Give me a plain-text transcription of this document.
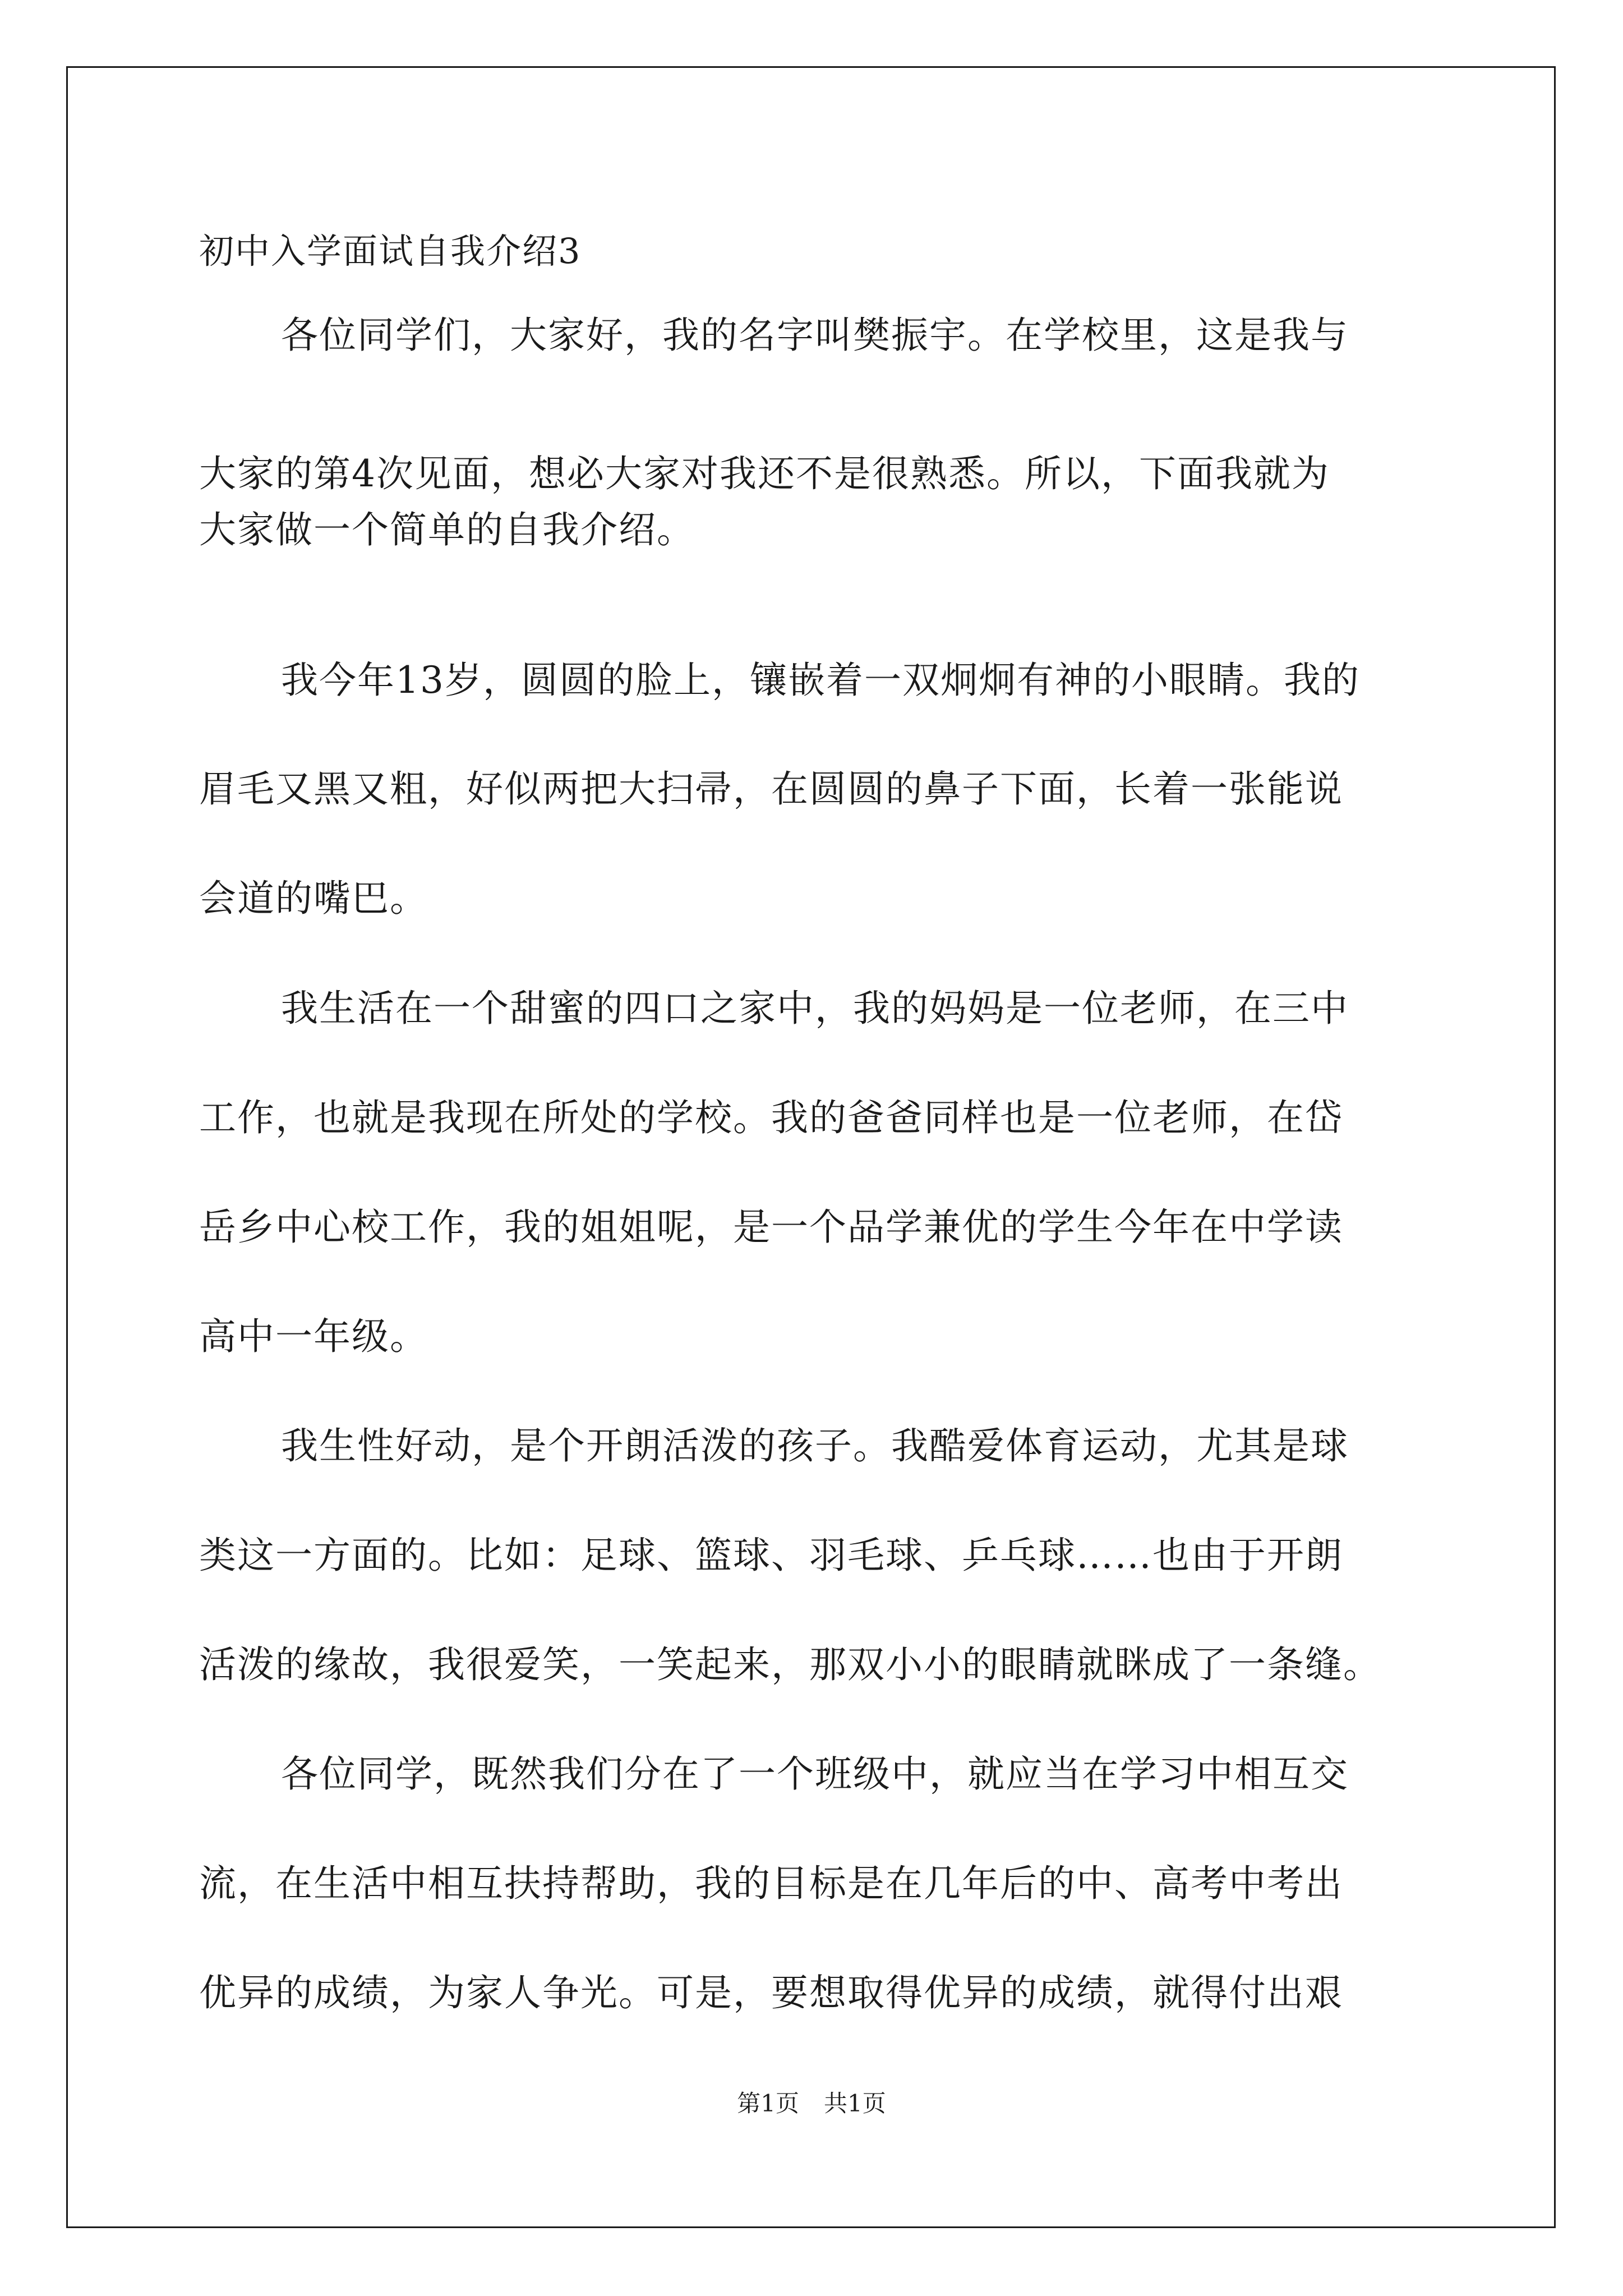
初中入学面试自我介绍3
各位同学们，大家好，我的名字叫樊振宇。在学校里，这是我与
大家的第4次见面，想必大家对我还不是很熟悉。所以，下面我就为
大家做一个简单的自我介绍。
我今年13岁，圆圆的脸上，镶嵌着一双炯炯有神的小眼睛。我的
眉毛又黑又粗，好似两把大扫帚，在圆圆的鼻子下面，长着一张能说
会道的嘴巴。
我生活在一个甜蜜的四口之家中，我的妈妈是一位老师，在三中
工作，也就是我现在所处的学校。我的爸爸同样也是一位老师，在岱
岳乡中心校工作，我的姐姐呢，是一个品学兼优的学生今年在中学读
高中一年级。
我生性好动，是个开朗活泼的孩子。我酷爱体育运动，尤其是球
类这一方面的。比如：足球、篮球、羽毛球、乒乓球……也由于开朗
活泼的缘故，我很爱笑，一笑起来，那双小小的眼睛就眯成了一条缝。
各位同学，既然我们分在了一个班级中，就应当在学习中相互交
流，在生活中相互扶持帮助，我的目标是在几年后的中、高考中考出
优异的成绩，为家人争光。可是，要想取得优异的成绩，就得付出艰
第1页 共1页
